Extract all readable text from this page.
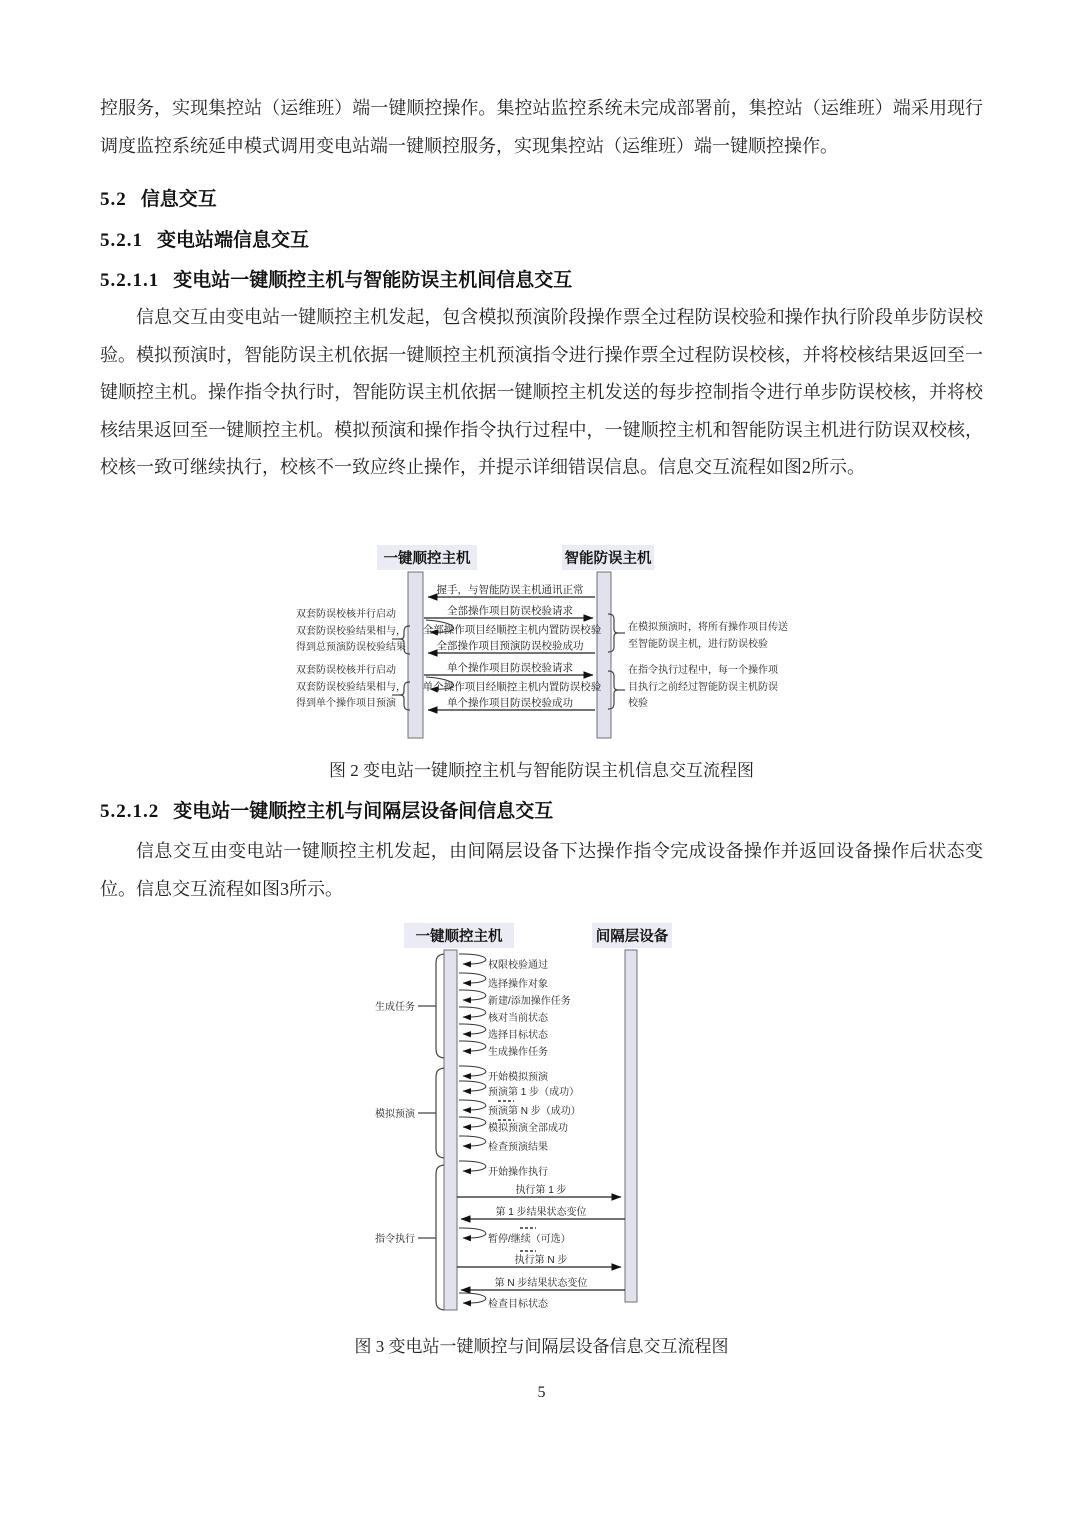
控服务，实现集控站（运维班）端一键顺控操作。集控站监控系统未完成部署前，集控站（运维班）端采用现行调度监控系统延申模式调用变电站端一键顺控服务，实现集控站（运维班）端一键顺控操作。

5.2 信息交互
5.2.1 变电站端信息交互
5.2.1.1 变电站一键顺控主机与智能防误主机间信息交互

信息交互由变电站一键顺控主机发起，包含模拟预演阶段操作票全过程防误校验和操作执行阶段单步防误校验。模拟预演时，智能防误主机依据一键顺控主机预演指令进行操作票全过程防误校核，并将校核结果返回至一键顺控主机。操作指令执行时，智能防误主机依据一键顺控主机发送的每步控制指令进行单步防误校核，并将校核结果返回至一键顺控主机。模拟预演和操作指令执行过程中，一键顺控主机和智能防误主机进行防误双校核，校核一致可继续执行，校核不一致应终止操作，并提示详细错误信息。信息交互流程如图2所示。

一键顺控主机	智能防误主机
握手，与智能防误主机通讯正常
全部操作项目防误校验请求
全部操作项目经顺控主机内置防误校验
全部操作项目预演防误校验成功
单个操作项目防误校验请求
单个操作项目经顺控主机内置防误校验
单个操作项目防误校验成功
双套防误校核并行启动
双套防误校验结果相与，
得到总预演防误校验结果
双套防误校核并行启动
双套防误校验结果相与，
得到单个操作项目预演
在模拟预演时，将所有操作项目传送
至智能防误主机，进行防误校验
在指令执行过程中，每一个操作项
目执行之前经过智能防误主机防误
校验

图 2 变电站一键顺控主机与智能防误主机信息交互流程图

5.2.1.2 变电站一键顺控主机与间隔层设备间信息交互

信息交互由变电站一键顺控主机发起，由间隔层设备下达操作指令完成设备操作并返回设备操作后状态变位。信息交互流程如图3所示。

一键顺控主机	间隔层设备
生成任务
权限校验通过
选择操作对象
新建/添加操作任务
核对当前状态
选择目标状态
生成操作任务
模拟预演
开始模拟预演
预演第 1 步（成功）
预演第 N 步（成功）
模拟预演全部成功
检查预演结果
指令执行
开始操作执行
执行第 1 步
第 1 步结果状态变位
暂停/继续（可选）
执行第 N 步
第 N 步结果状态变位
检查目标状态

图 3 变电站一键顺控与间隔层设备信息交互流程图

5
